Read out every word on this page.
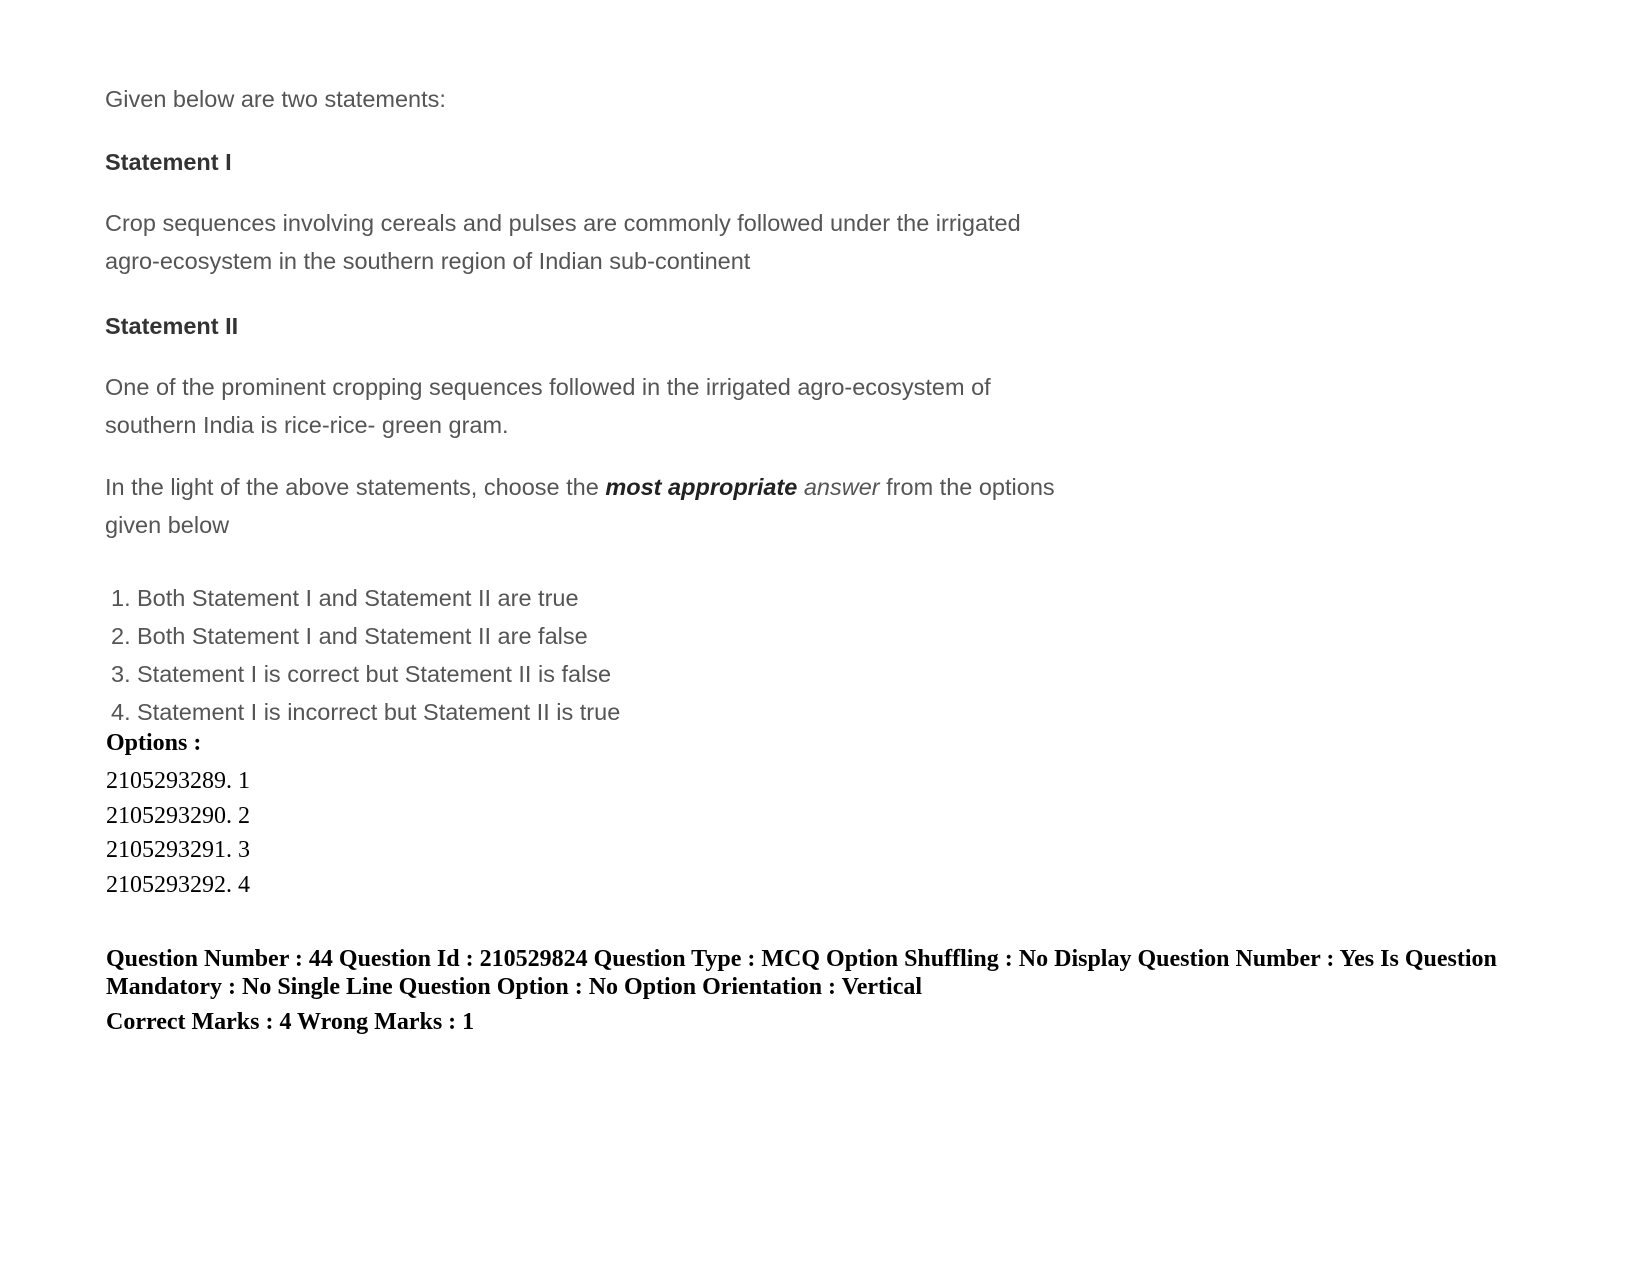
Given below are two statements:
Statement I
Crop sequences involving cereals and pulses are commonly followed under the irrigated
agro-ecosystem in the southern region of Indian sub-continent
Statement II
One of the prominent cropping sequences followed in the irrigated agro-ecosystem of
southern India is rice-rice- green gram.
In the light of the above statements, choose the most appropriate answer from the options
given below
1. Both Statement I and Statement II are true
2. Both Statement I and Statement II are false
3. Statement I is correct but Statement II is false
4. Statement I is incorrect but Statement II is true
Options :
2105293289. 1
2105293290. 2
2105293291. 3
2105293292. 4
Question Number : 44 Question Id : 210529824 Question Type : MCQ Option Shuffling : No Display Question Number : Yes Is Question Mandatory : No Single Line Question Option : No Option Orientation : Vertical
Correct Marks : 4 Wrong Marks : 1
